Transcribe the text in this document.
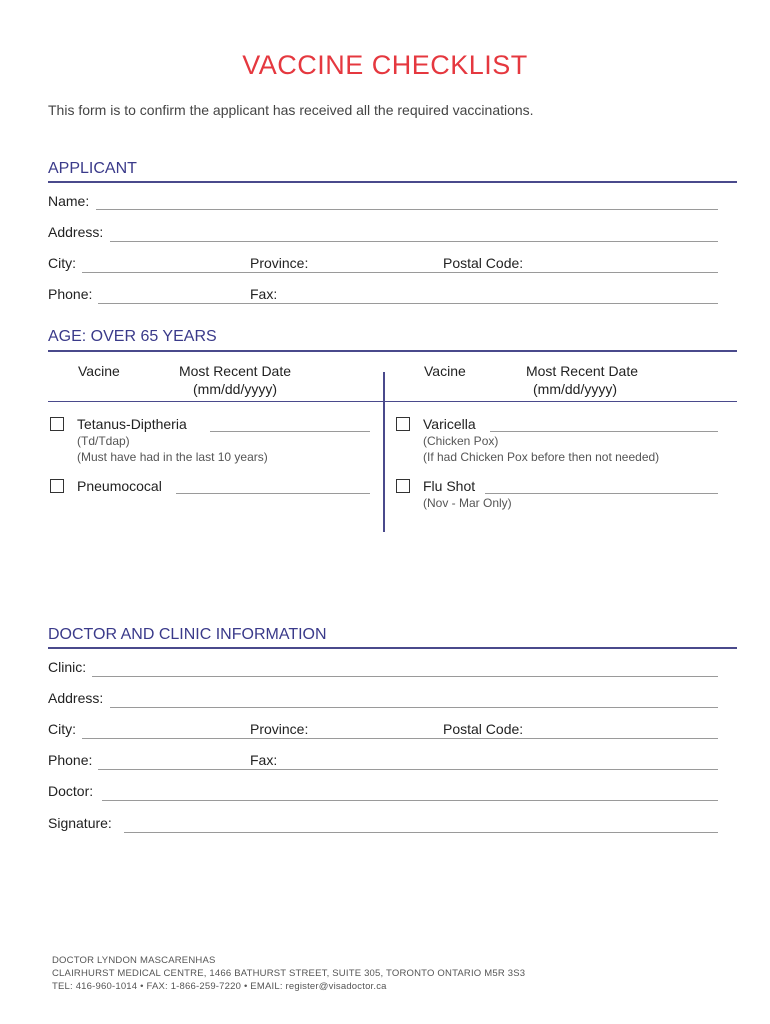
VACCINE CHECKLIST
This form is to confirm the applicant has received all the required vaccinations.
APPLICANT
Name:
Address:
City:	Province:	Postal Code:
Phone:	Fax:
AGE: OVER 65 YEARS
Vacine	Most Recent Date
(mm/dd/yyyy)
Vacine	Most Recent Date
(mm/dd/yyyy)
Tetanus-Diptheria
(Td/Tdap)
(Must have had in the last 10 years)
Pneumococal
Varicella
(Chicken Pox)
(If had Chicken Pox before then not needed)
Flu Shot
(Nov - Mar Only)
DOCTOR AND CLINIC INFORMATION
Clinic:
Address:
City:	Province:	Postal Code:
Phone:	Fax:
Doctor:
Signature:
DOCTOR LYNDON MASCARENHAS
CLAIRHURST MEDICAL CENTRE, 1466 BATHURST STREET, SUITE 305, TORONTO ONTARIO M5R 3S3
TEL: 416-960-1014 • FAX: 1-866-259-7220 • EMAIL: register@visadoctor.ca
